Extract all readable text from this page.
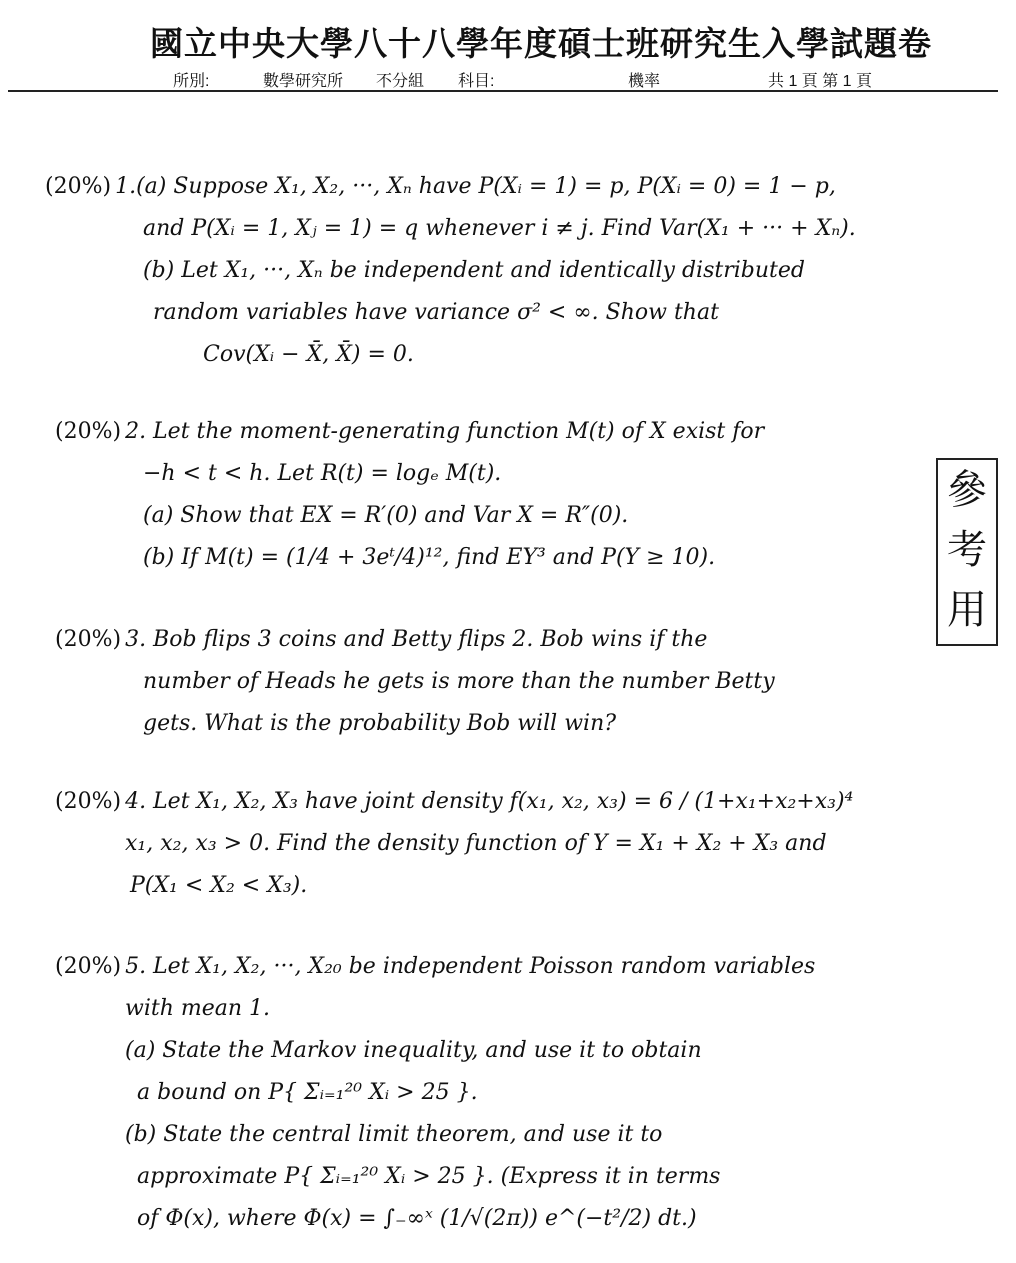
國立中央大學八十八學年度碩士班研究生入學試題卷
所別:	數學研究所 不分組 科目:	機率	共 1 頁 第 1 頁
參
考
用
(20%) 1.(a) Suppose X₁, X₂, ···, Xₙ have P(Xᵢ = 1) = p, P(Xᵢ = 0) = 1 − p,
and P(Xᵢ = 1, Xⱼ = 1) = q whenever i ≠ j. Find Var(X₁ + ··· + Xₙ).
(b) Let X₁, ···, Xₙ be independent and identically distributed
random variables have variance σ² < ∞. Show that
Cov(Xᵢ − X̄, X̄) = 0.
(20%) 2. Let the moment-generating function M(t) of X exist for
−h < t < h. Let R(t) = logₑ M(t).
(a) Show that EX = R′(0) and Var X = R″(0).
(b) If M(t) = (1/4 + 3eᵗ/4)¹², find EY³ and P(Y ≥ 10).
(20%) 3. Bob flips 3 coins and Betty flips 2. Bob wins if the
number of Heads he gets is more than the number Betty
gets. What is the probability Bob will win?
(20%) 4. Let X₁, X₂, X₃ have joint density f(x₁, x₂, x₃) = 6 / (1+x₁+x₂+x₃)⁴
x₁, x₂, x₃ > 0. Find the density function of Y = X₁ + X₂ + X₃ and
P(X₁ < X₂ < X₃).
(20%) 5. Let X₁, X₂, ···, X₂₀ be independent Poisson random variables
with mean 1.
(a) State the Markov inequality, and use it to obtain
a bound on P{ Σᵢ₌₁²⁰ Xᵢ > 25 }.
(b) State the central limit theorem, and use it to
approximate P{ Σᵢ₌₁²⁰ Xᵢ > 25 }. (Express it in terms
of Φ(x), where Φ(x) = ∫₋∞ˣ (1/√(2π)) e^(−t²/2) dt.)
